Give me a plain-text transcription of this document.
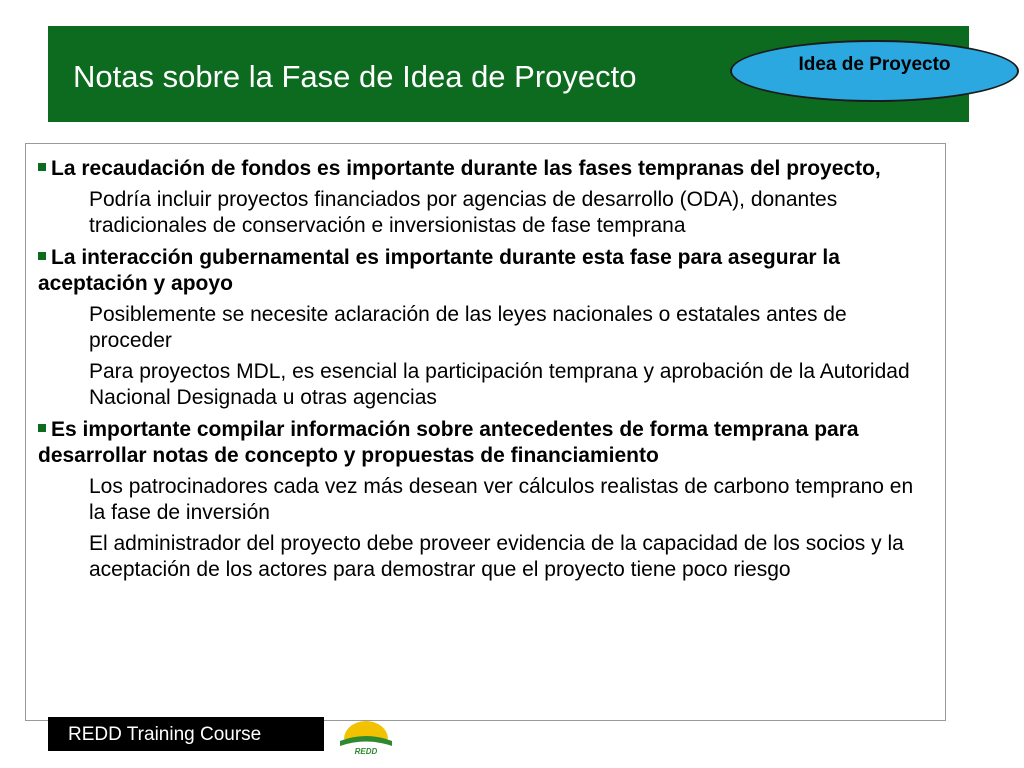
Notas sobre la Fase de Idea de Proyecto	Idea de Proyecto
La recaudación de fondos es importante durante las fases tempranas del proyecto,
Podría incluir proyectos financiados por agencias de desarrollo (ODA), donantes tradicionales de conservación e inversionistas de fase temprana
La interacción gubernamental es importante durante esta fase para asegurar la aceptación y apoyo
Posiblemente se necesite aclaración de las leyes nacionales o estatales antes de proceder
Para proyectos MDL, es esencial la participación temprana y aprobación de la Autoridad Nacional Designada u otras agencias
Es importante compilar información sobre antecedentes de forma temprana para desarrollar notas de concepto y propuestas de financiamiento
Los patrocinadores cada vez más desean ver cálculos realistas de carbono temprano en la fase de inversión
El administrador del proyecto debe proveer evidencia de la capacidad de los socios y la aceptación de los actores para demostrar que el proyecto tiene poco riesgo
REDD Training Course
REDD
